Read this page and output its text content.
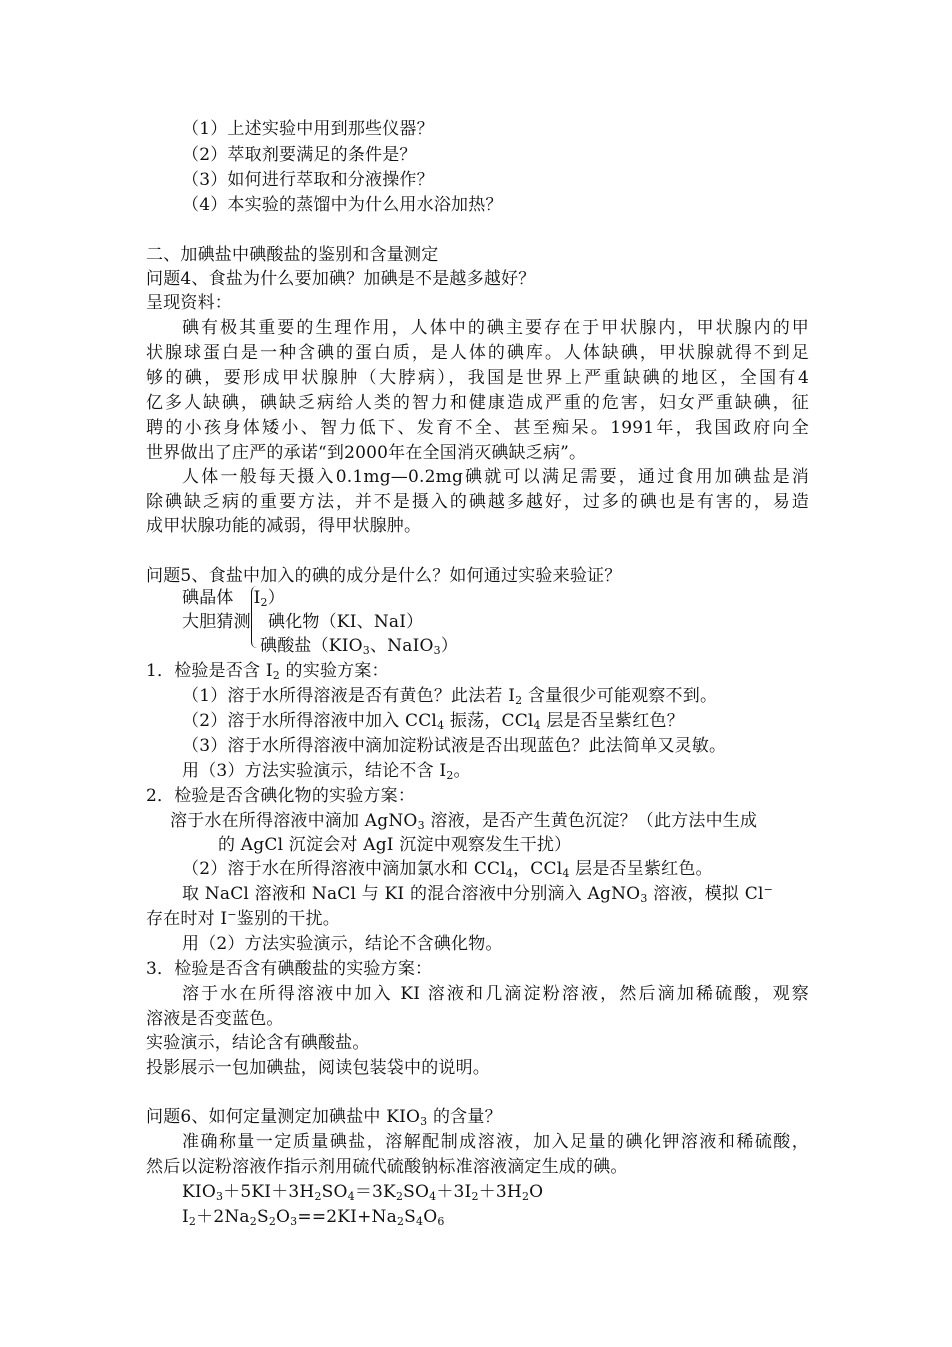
（1）上述实验中用到那些仪器？
（2）萃取剂要满足的条件是？
（3）如何进行萃取和分液操作？
（4）本实验的蒸馏中为什么用水浴加热？
二、加碘盐中碘酸盐的鉴别和含量测定
问题4、食盐为什么要加碘？加碘是不是越多越好？
呈现资料：
碘有极其重要的生理作用，人体中的碘主要存在于甲状腺内，甲状腺内的甲
状腺球蛋白是一种含碘的蛋白质，是人体的碘库。人体缺碘，甲状腺就得不到足
够的碘，要形成甲状腺肿（大脖病），我国是世界上严重缺碘的地区，全国有4
亿多人缺碘，碘缺乏病给人类的智力和健康造成严重的危害，妇女严重缺碘，征
聘的小孩身体矮小、智力低下、发育不全、甚至痴呆。1991年，我国政府向全
世界做出了庄严的承诺“到2000年在全国消灭碘缺乏病”。
人体一般每天摄入0.1mg—0.2mg碘就可以满足需要，通过食用加碘盐是消
除碘缺乏病的重要方法，并不是摄入的碘越多越好，过多的碘也是有害的，易造
成甲状腺功能的减弱，得甲状腺肿。
问题5、食盐中加入的碘的成分是什么？如何通过实验来验证？
碘晶体 $I_2$）
大胆猜测 碘化物（KI、NaI）
碘酸盐（$KIO_3$、NaIO$_3$）
1．检验是否含 $I_2$ 的实验方案：
（1）溶于水所得溶液是否有黄色？此法若 $I_2$ 含量很少可能观察不到。
（2）溶于水所得溶液中加入 CCl$_4$ 振荡，CCl$_4$ 层是否呈紫红色？
（3）溶于水所得溶液中滴加淀粉试液是否出现蓝色？此法简单又灵敏。
用（3）方法实验演示，结论不含 $I_2$。
2．检验是否含碘化物的实验方案：
溶于水在所得溶液中滴加 AgNO$_3$ 溶液，是否产生黄色沉淀？（此方法中生成
的 AgCl 沉淀会对 AgI 沉淀中观察发生干扰）
（2）溶于水在所得溶液中滴加氯水和 CCl$_4$，CCl$_4$ 层是否呈紫红色。
取 NaCl 溶液和 NaCl 与 KI 的混合溶液中分别滴入 AgNO$_3$ 溶液，模拟 Cl−
存在时对 I−鉴别的干扰。
用（2）方法实验演示，结论不含碘化物。
3．检验是否含有碘酸盐的实验方案：
溶于水在所得溶液中加入 KI 溶液和几滴淀粉溶液，然后滴加稀硫酸，观察
溶液是否变蓝色。
实验演示，结论含有碘酸盐。
投影展示一包加碘盐，阅读包装袋中的说明。
问题6、如何定量测定加碘盐中 $KIO_3$ 的含量？
准确称量一定质量碘盐，溶解配制成溶液，加入足量的碘化钾溶液和稀硫酸，
然后以淀粉溶液作指示剂用硫代硫酸钠标准溶液滴定生成的碘。
$KIO_3+5KI+3H_2SO_4=3K_2SO_4+3I_2+3H_2O$
$I_2+2Na_2S_2O_3==2KI+Na_2S_4O_6$
